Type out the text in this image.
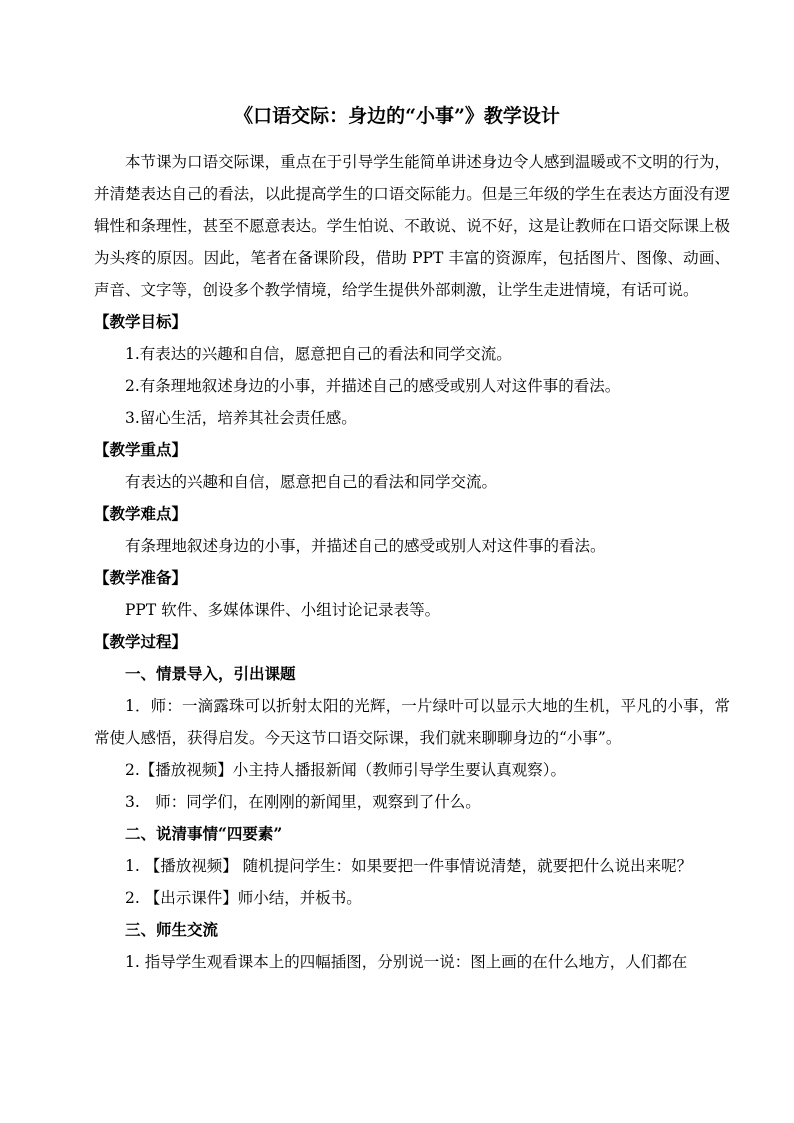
《口语交际：身边的“小事”》教学设计

本节课为口语交际课，重点在于引导学生能简单讲述身边令人感到温暖或不文明的行为，并清楚表达自己的看法，以此提高学生的口语交际能力。但是三年级的学生在表达方面没有逻辑性和条理性，甚至不愿意表达。学生怕说、不敢说、说不好，这是让教师在口语交际课上极为头疼的原因。因此，笔者在备课阶段，借助 PPT 丰富的资源库，包括图片、图像、动画、声音、文字等，创设多个教学情境，给学生提供外部刺激，让学生走进情境，有话可说。

【教学目标】

1.有表达的兴趣和自信，愿意把自己的看法和同学交流。

2.有条理地叙述身边的小事，并描述自己的感受或别人对这件事的看法。

3.留心生活，培养其社会责任感。

【教学重点】

有表达的兴趣和自信，愿意把自己的看法和同学交流。

【教学难点】

有条理地叙述身边的小事，并描述自己的感受或别人对这件事的看法。

【教学准备】

PPT 软件、多媒体课件、小组讨论记录表等。

【教学过程】

一、情景导入，引出课题

1．师：一滴露珠可以折射太阳的光辉，一片绿叶可以显示大地的生机，平凡的小事，常常使人感悟，获得启发。今天这节口语交际课，我们就来聊聊身边的“小事”。

2.【播放视频】小主持人播报新闻（教师引导学生要认真观察）。

3.　师：同学们，在刚刚的新闻里，观察到了什么。

二、说清事情“四要素”

1. 【播放视频】 随机提问学生：如果要把一件事情说清楚，就要把什么说出来呢？

2. 【出示课件】师小结，并板书。

三、师生交流

1. 指导学生观看课本上的四幅插图，分别说一说：图上画的在什么地方，人们都在
